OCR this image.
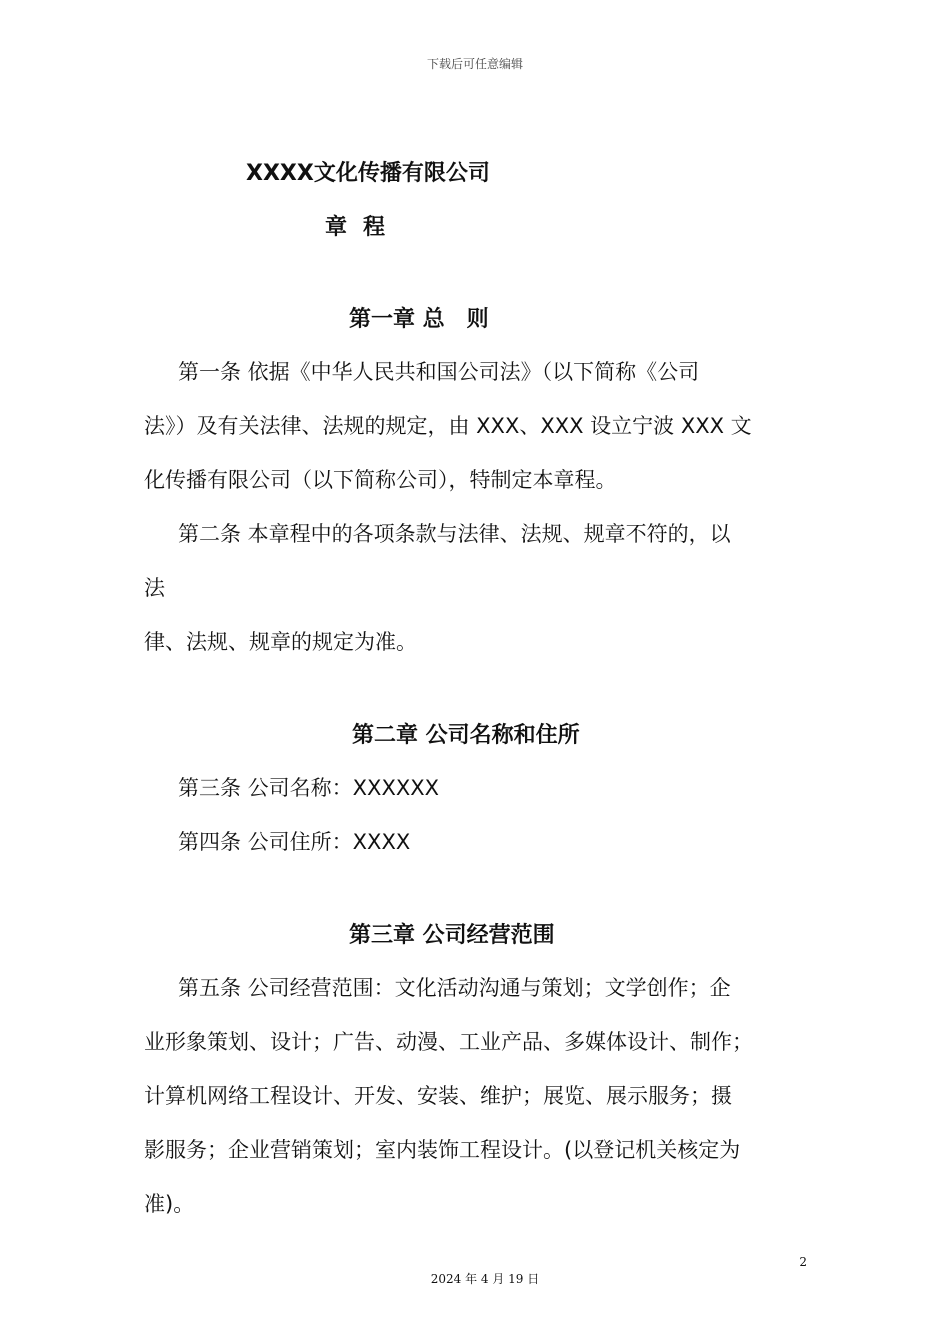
下载后可任意编辑
XXXX文化传播有限公司
章程
第一章 总　则
第一条 依据《中华人民共和国公司法》（以下简称《公司
法》）及有关法律、法规的规定，由 XXX、XXX 设立宁波 XXX 文
化传播有限公司（以下简称公司），特制定本章程。
第二条 本章程中的各项条款与法律、法规、规章不符的，以
法
律、法规、规章的规定为准。
第二章 公司名称和住所
第三条 公司名称：XXXXXX
第四条 公司住所：XXXX
第三章 公司经营范围
第五条 公司经营范围：文化活动沟通与策划；文学创作；企
业形象策划、设计；广告、动漫、工业产品、多媒体设计、制作；
计算机网络工程设计、开发、安装、维护；展览、展示服务；摄
影服务；企业营销策划；室内装饰工程设计。(以登记机关核定为
准)。
2
2024 年 4 月 19 日
